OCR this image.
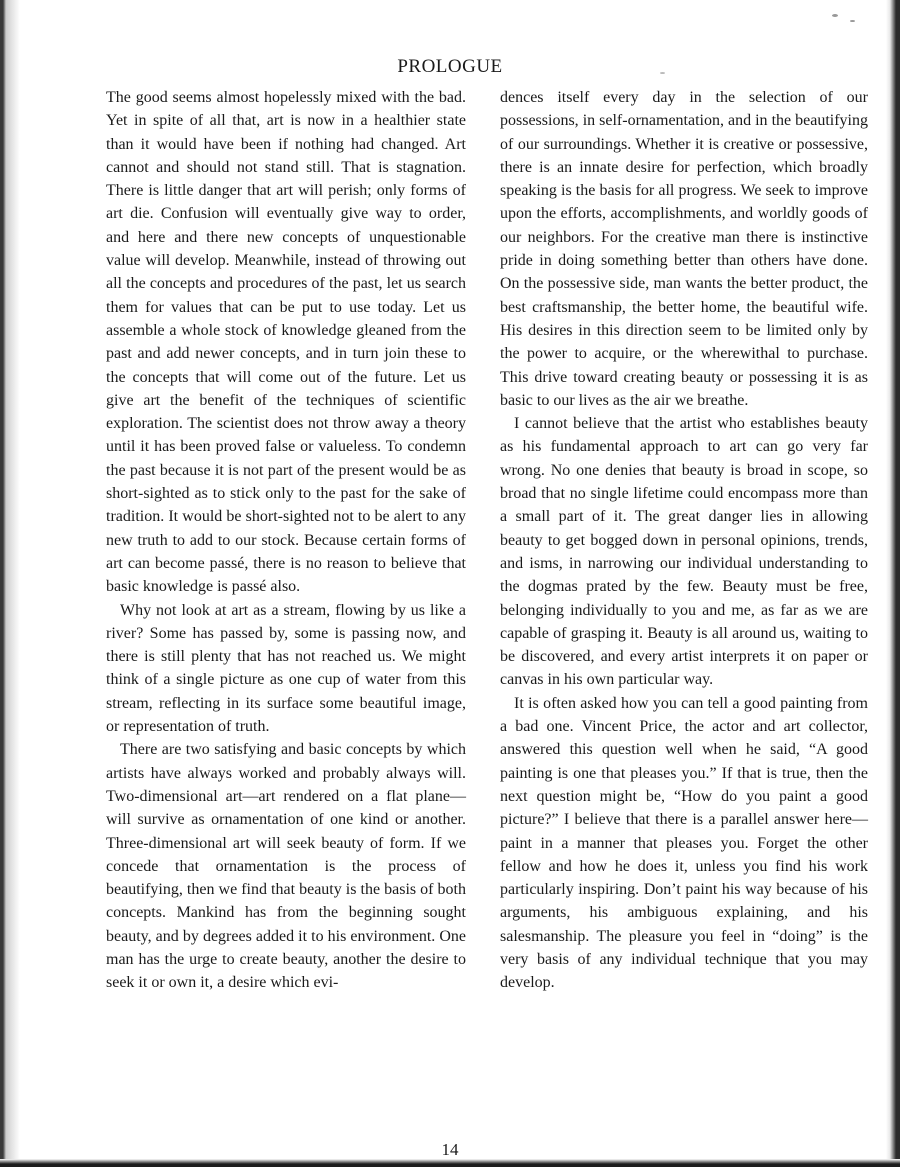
PROLOGUE

The good seems almost hopelessly mixed with the bad. Yet in spite of all that, art is now in a healthier state than it would have been if nothing had changed. Art cannot and should not stand still. That is stagnation. There is little danger that art will perish; only forms of art die. Confusion will eventually give way to order, and here and there new concepts of unquestionable value will develop. Meanwhile, instead of throwing out all the concepts and procedures of the past, let us search them for values that can be put to use today. Let us assemble a whole stock of knowledge gleaned from the past and add newer concepts, and in turn join these to the concepts that will come out of the future. Let us give art the benefit of the techniques of scientific exploration. The scientist does not throw away a theory until it has been proved false or valueless. To condemn the past because it is not part of the present would be as short-sighted as to stick only to the past for the sake of tradition. It would be short-sighted not to be alert to any new truth to add to our stock. Because certain forms of art can become passé, there is no reason to believe that basic knowledge is passé also.

Why not look at art as a stream, flowing by us like a river? Some has passed by, some is passing now, and there is still plenty that has not reached us. We might think of a single picture as one cup of water from this stream, reflecting in its surface some beautiful image, or representation of truth.

There are two satisfying and basic concepts by which artists have always worked and probably always will. Two-dimensional art—art rendered on a flat plane—will survive as ornamentation of one kind or another. Three-dimensional art will seek beauty of form. If we concede that ornamentation is the process of beautifying, then we find that beauty is the basis of both concepts. Mankind has from the beginning sought beauty, and by degrees added it to his environment. One man has the urge to create beauty, another the desire to seek it or own it, a desire which evi-

dences itself every day in the selection of our possessions, in self-ornamentation, and in the beautifying of our surroundings. Whether it is creative or possessive, there is an innate desire for perfection, which broadly speaking is the basis for all progress. We seek to improve upon the efforts, accomplishments, and worldly goods of our neighbors. For the creative man there is instinctive pride in doing something better than others have done. On the possessive side, man wants the better product, the best craftsmanship, the better home, the beautiful wife. His desires in this direction seem to be limited only by the power to acquire, or the wherewithal to purchase. This drive toward creating beauty or possessing it is as basic to our lives as the air we breathe.

I cannot believe that the artist who establishes beauty as his fundamental approach to art can go very far wrong. No one denies that beauty is broad in scope, so broad that no single lifetime could encompass more than a small part of it. The great danger lies in allowing beauty to get bogged down in personal opinions, trends, and isms, in narrowing our individual understanding to the dogmas prated by the few. Beauty must be free, belonging individually to you and me, as far as we are capable of grasping it. Beauty is all around us, waiting to be discovered, and every artist interprets it on paper or canvas in his own particular way.

It is often asked how you can tell a good painting from a bad one. Vincent Price, the actor and art collector, answered this question well when he said, “A good painting is one that pleases you.” If that is true, then the next question might be, “How do you paint a good picture?” I believe that there is a parallel answer here—paint in a manner that pleases you. Forget the other fellow and how he does it, unless you find his work particularly inspiring. Don’t paint his way because of his arguments, his ambiguous explaining, and his salesmanship. The pleasure you feel in “doing” is the very basis of any individual technique that you may develop.

14
